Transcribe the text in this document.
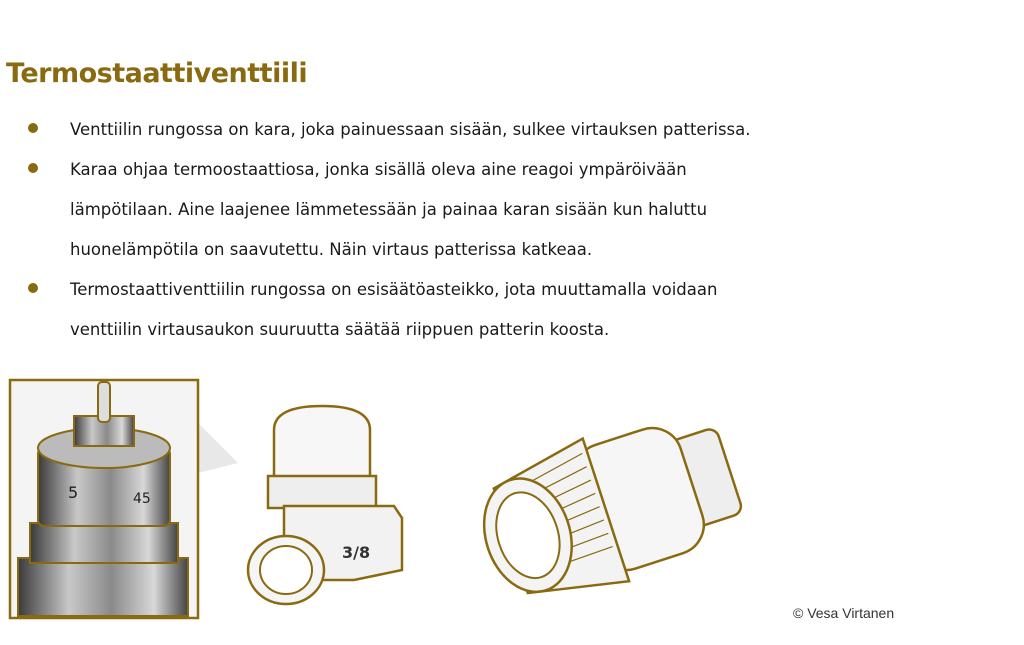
Termostaattiventtiili
Venttiilin rungossa on kara, joka painuessaan sisään, sulkee virtauksen patterissa.
Karaa ohjaa termoostaattiosa, jonka sisällä oleva aine reagoi ympäröivään
lämpötilaan. Aine laajenee lämmetessään ja painaa karan sisään kun haluttu
huonelämpötila on saavutettu. Näin virtaus patterissa katkeaa.
Termostaattiventtiilin rungossa on esisäätöasteikko, jota muuttamalla voidaan
venttiilin virtausaukon suuruutta säätää riippuen patterin koosta.
5	45
3/8
© Vesa Virtanen
